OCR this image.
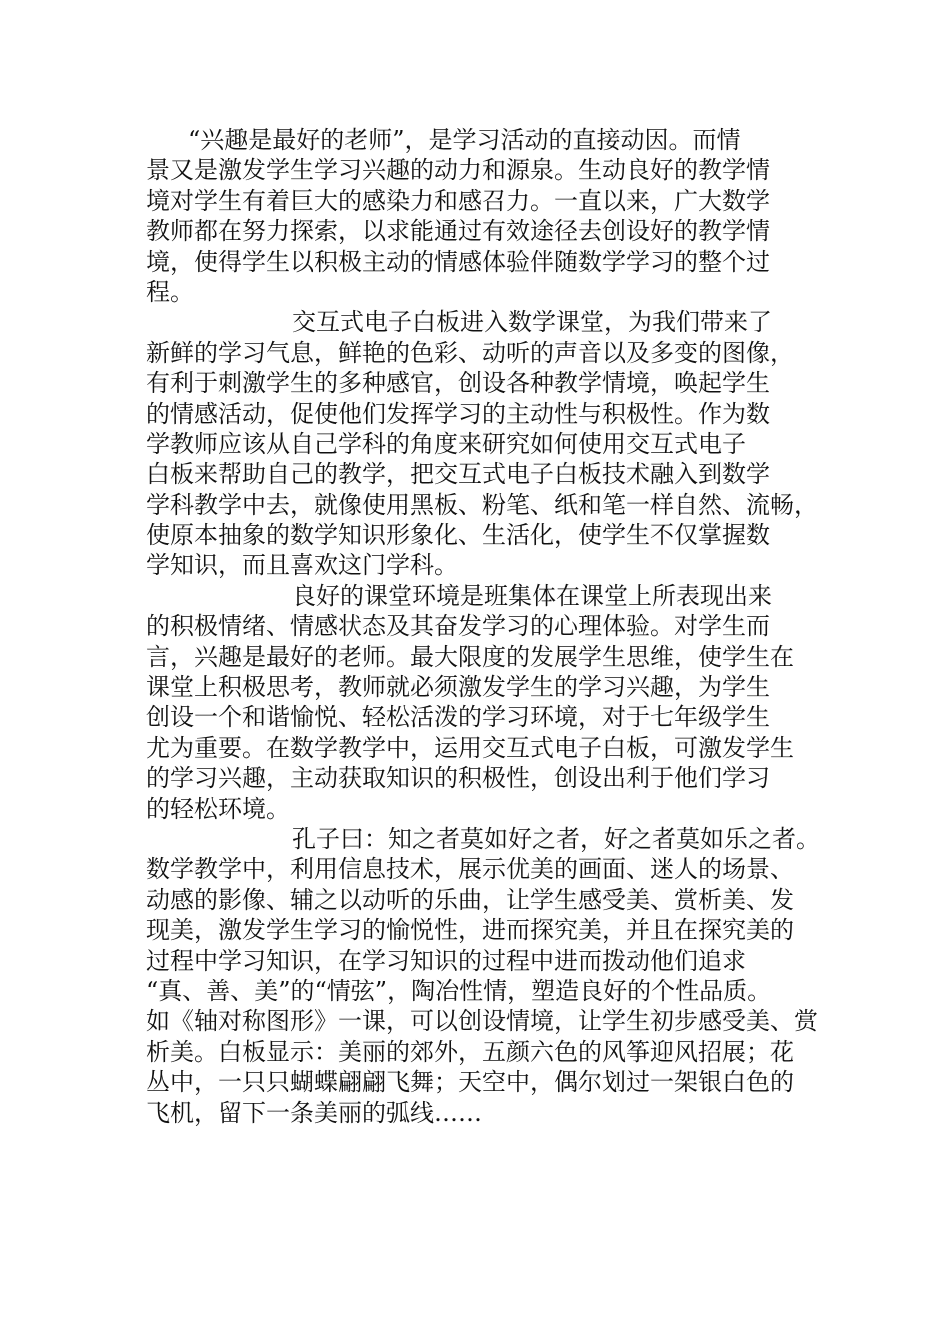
“兴趣是最好的老师”，是学习活动的直接动因。而情
景又是激发学生学习兴趣的动力和源泉。生动良好的教学情
境对学生有着巨大的感染力和感召力。一直以来，广大数学
教师都在努力探索，以求能通过有效途径去创设好的教学情
境，使得学生以积极主动的情感体验伴随数学学习的整个过
程。
交互式电子白板进入数学课堂，为我们带来了
新鲜的学习气息，鲜艳的色彩、动听的声音以及多变的图像，
有利于刺激学生的多种感官，创设各种教学情境，唤起学生
的情感活动，促使他们发挥学习的主动性与积极性。作为数
学教师应该从自己学科的角度来研究如何使用交互式电子
白板来帮助自己的教学，把交互式电子白板技术融入到数学
学科教学中去，就像使用黑板、粉笔、纸和笔一样自然、流畅，
使原本抽象的数学知识形象化、生活化，使学生不仅掌握数
学知识，而且喜欢这门学科。
良好的课堂环境是班集体在课堂上所表现出来
的积极情绪、情感状态及其奋发学习的心理体验。对学生而
言，兴趣是最好的老师。最大限度的发展学生思维，使学生在
课堂上积极思考，教师就必须激发学生的学习兴趣，为学生
创设一个和谐愉悦、轻松活泼的学习环境，对于七年级学生
尤为重要。在数学教学中，运用交互式电子白板，可激发学生
的学习兴趣，主动获取知识的积极性，创设出利于他们学习
的轻松环境。
孔子曰：知之者莫如好之者，好之者莫如乐之者。
数学教学中，利用信息技术，展示优美的画面、迷人的场景、
动感的影像、辅之以动听的乐曲，让学生感受美、赏析美、发
现美，激发学生学习的愉悦性，进而探究美，并且在探究美的
过程中学习知识，在学习知识的过程中进而拨动他们追求
“真、善、美”的“情弦”，陶冶性情，塑造良好的个性品质。
如《轴对称图形》一课，可以创设情境，让学生初步感受美、赏
析美。白板显示：美丽的郊外，五颜六色的风筝迎风招展；花
丛中，一只只蝴蝶翩翩飞舞；天空中，偶尔划过一架银白色的
飞机，留下一条美丽的弧线……
